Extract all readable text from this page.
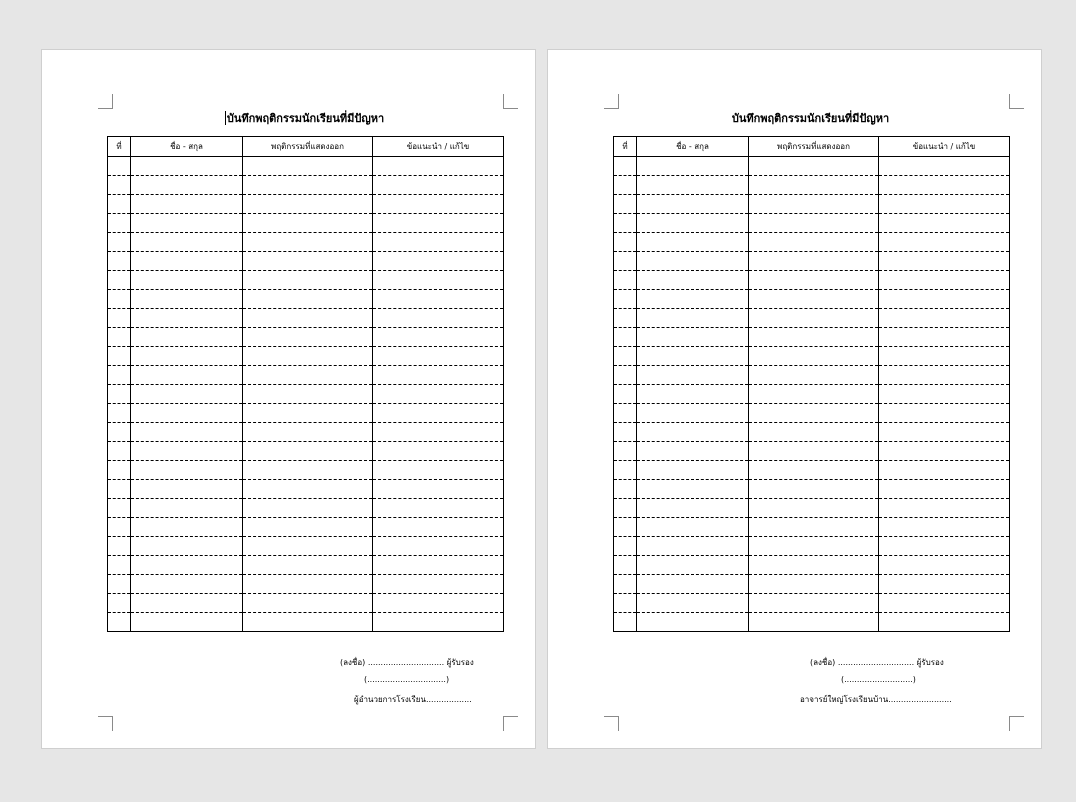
บันทึกพฤติกรรมนักเรียนที่มีปัญหา
ที่	ชื่อ - สกุล	พฤติกรรมที่แสดงออก	ข้อแนะนำ / แก้ไข

(ลงชื่อ) .............................. ผู้รับรอง
(...............................)
ผู้อำนวยการโรงเรียน..................
บันทึกพฤติกรรมนักเรียนที่มีปัญหา
ที่	ชื่อ - สกุล	พฤติกรรมที่แสดงออก	ข้อแนะนำ / แก้ไข

(ลงชื่อ) .............................. ผู้รับรอง
(...........................)
อาจารย์ใหญ่โรงเรียนบ้าน.........................
